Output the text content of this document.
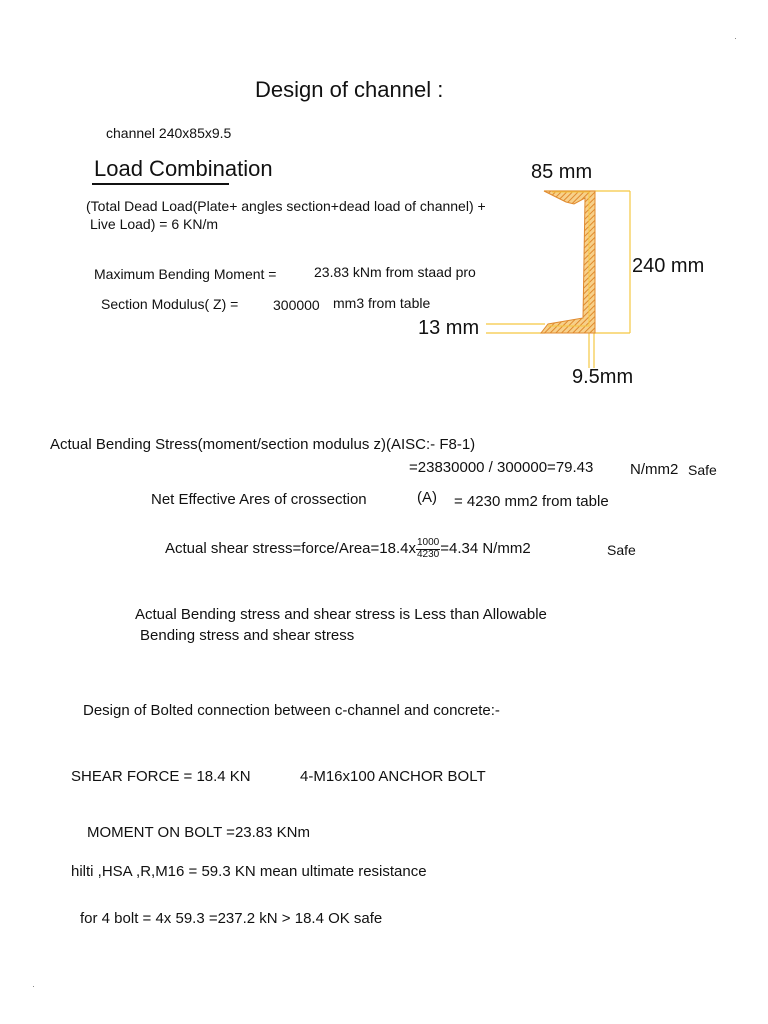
Design of channel :
channel 240x85x9.5
Load Combination
(Total Dead Load(Plate+ angles section+dead load of channel) +
Live Load) = 6 KN/m
Maximum Bending Moment =	23.83 kNm from staad pro
Section Modulus( Z) = 300000 mm3 from table
85 mm
240 mm
13 mm
9.5mm
Actual Bending Stress(moment/section modulus z)(AISC:- F8-1)
=23830000 / 300000=79.43 N/mm2 Safe
Net Effective Ares of crossection	(A) = 4230 mm2 from table
Actual shear stress=force/Area=18.4x $\frac{1000}{4230} =4.34$ N/mm2	Safe
Actual Bending stress and shear stress is Less than Allowable
Bending stress and shear stress
Design of Bolted connection between c-channel and concrete:-
SHEAR FORCE = 18.4 KN	4-M16x100 ANCHOR BOLT
MOMENT ON BOLT =23.83 KNm
hilti ,HSA ,R,M16 = 59.3 KN mean ultimate resistance
for 4 bolt = 4x 59.3 =237.2 kN > 18.4 OK safe
